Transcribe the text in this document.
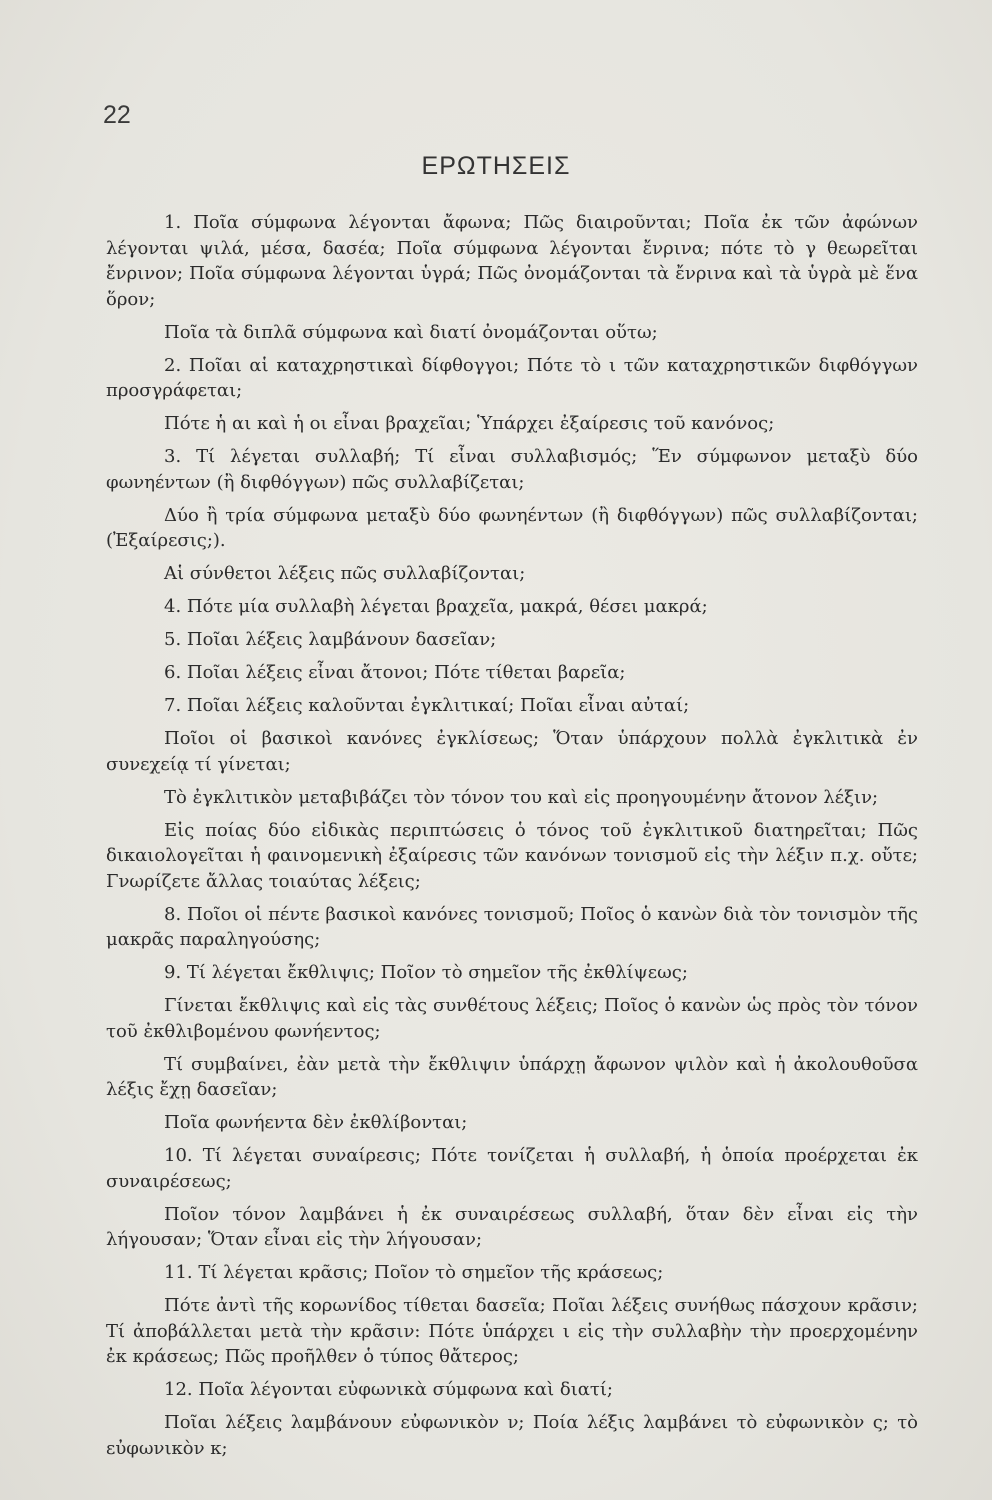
22
ΕΡΩΤΗΣΕΙΣ

1. Ποῖα σύμφωνα λέγονται ἄφωνα; Πῶς διαιροῦνται; Ποῖα ἐκ τῶν ἀφώνων λέγονται ψιλά, μέσα, δασέα; Ποῖα σύμφωνα λέγονται ἔνρινα; πότε τὸ γ θεωρεῖται ἔνρινον; Ποῖα σύμφωνα λέγονται ὑγρά; Πῶς ὀνομάζονται τὰ ἔνρινα καὶ τὰ ὑγρὰ μὲ ἕνα ὅρον;

Ποῖα τὰ διπλᾶ σύμφωνα καὶ διατί ὀνομάζονται οὕτω;

2. Ποῖαι αἱ καταχρηστικαὶ δίφθογγοι; Πότε τὸ ι τῶν καταχρηστικῶν διφθόγγων προσγράφεται;

Πότε ἡ αι καὶ ἡ οι εἶναι βραχεῖαι; Ὑπάρχει ἐξαίρεσις τοῦ κανόνος;

3. Τί λέγεται συλλαβή; Τί εἶναι συλλαβισμός; Ἕν σύμφωνον μεταξὺ δύο φωνηέντων (ἢ διφθόγγων) πῶς συλλαβίζεται;

Δύο ἢ τρία σύμφωνα μεταξὺ δύο φωνηέντων (ἢ διφθόγγων) πῶς συλλαβίζονται; (Ἐξαίρεσις;).

Αἱ σύνθετοι λέξεις πῶς συλλαβίζονται;

4. Πότε μία συλλαβὴ λέγεται βραχεῖα, μακρά, θέσει μακρά;

5. Ποῖαι λέξεις λαμβάνουν δασεῖαν;

6. Ποῖαι λέξεις εἶναι ἄτονοι; Πότε τίθεται βαρεῖα;

7. Ποῖαι λέξεις καλοῦνται ἐγκλιτικαί; Ποῖαι εἶναι αὐταί;

Ποῖοι οἱ βασικοὶ κανόνες ἐγκλίσεως; Ὅταν ὑπάρχουν πολλὰ ἐγκλιτικὰ ἐν συνεχείᾳ τί γίνεται;

Τὸ ἐγκλιτικὸν μεταβιβάζει τὸν τόνον του καὶ εἰς προηγουμένην ἄτονον λέξιν;

Εἰς ποίας δύο εἰδικὰς περιπτώσεις ὁ τόνος τοῦ ἐγκλιτικοῦ διατηρεῖται; Πῶς δικαιολογεῖται ἡ φαινομενικὴ ἐξαίρεσις τῶν κανόνων τονισμοῦ εἰς τὴν λέξιν π.χ. οὔτε; Γνωρίζετε ἄλλας τοιαύτας λέξεις;

8. Ποῖοι οἱ πέντε βασικοὶ κανόνες τονισμοῦ; Ποῖος ὁ κανὼν διὰ τὸν τονισμὸν τῆς μακρᾶς παραληγούσης;

9. Τί λέγεται ἔκθλιψις; Ποῖον τὸ σημεῖον τῆς ἐκθλίψεως;

Γίνεται ἔκθλιψις καὶ εἰς τὰς συνθέτους λέξεις; Ποῖος ὁ κανὼν ὡς πρὸς τὸν τόνον τοῦ ἐκθλιβομένου φωνήεντος;

Τί συμβαίνει, ἐὰν μετὰ τὴν ἔκθλιψιν ὑπάρχῃ ἄφωνον ψιλὸν καὶ ἡ ἀκολουθοῦσα λέξις ἔχῃ δασεῖαν;

Ποῖα φωνήεντα δὲν ἐκθλίβονται;

10. Τί λέγεται συναίρεσις; Πότε τονίζεται ἡ συλλαβή, ἡ ὁποία προέρχεται ἐκ συναιρέσεως;

Ποῖον τόνον λαμβάνει ἡ ἐκ συναιρέσεως συλλαβή, ὅταν δὲν εἶναι εἰς τὴν λήγουσαν; Ὅταν εἶναι εἰς τὴν λήγουσαν;

11. Τί λέγεται κρᾶσις; Ποῖον τὸ σημεῖον τῆς κράσεως;

Πότε ἀντὶ τῆς κορωνίδος τίθεται δασεῖα; Ποῖαι λέξεις συνήθως πάσχουν κρᾶσιν; Τί ἀποβάλλεται μετὰ τὴν κρᾶσιν: Πότε ὑπάρχει ι εἰς τὴν συλλαβὴν τὴν προερχομένην ἐκ κράσεως; Πῶς προῆλθεν ὁ τύπος θἄτερος;

12. Ποῖα λέγονται εὐφωνικὰ σύμφωνα καὶ διατί;

Ποῖαι λέξεις λαμβάνουν εὐφωνικὸν ν; Ποία λέξις λαμβάνει τὸ εὐφωνικὸν ς; τὸ εὐφωνικὸν κ;
